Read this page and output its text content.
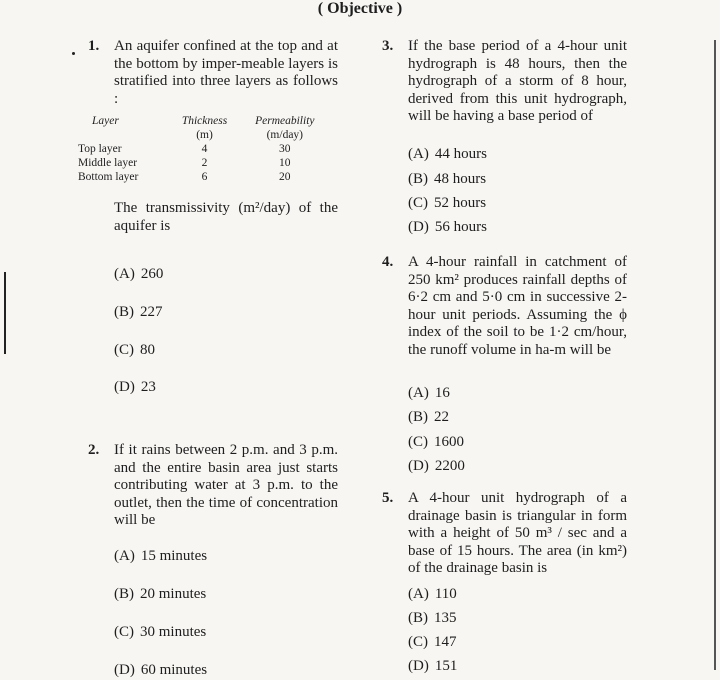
( Objective )
1. An aquifer confined at the top and at the bottom by imper-meable layers is stratified into three layers as follows :
Layer	Thickness	Permeability
	(m)	(m/day)
Top layer	4	30
Middle layer	2	10
Bottom layer	6	20
The transmissivity (m²/day) of the aquifer is
(A) 260
(B) 227
(C) 80
(D) 23
2. If it rains between 2 p.m. and 3 p.m. and the entire basin area just starts contributing water at 3 p.m. to the outlet, then the time of concentration will be
(A) 15 minutes
(B) 20 minutes
(C) 30 minutes
(D) 60 minutes
3. If the base period of a 4-hour unit hydrograph is 48 hours, then the hydrograph of a storm of 8 hour, derived from this unit hydrograph, will be having a base period of
(A) 44 hours
(B) 48 hours
(C) 52 hours
(D) 56 hours
4. A 4-hour rainfall in catchment of 250 km² produces rainfall depths of 6·2 cm and 5·0 cm in successive 2-hour unit periods. Assuming the ϕ index of the soil to be 1·2 cm/hour, the runoff volume in ha-m will be
(A) 16
(B) 22
(C) 1600
(D) 2200
5. A 4-hour unit hydrograph of a drainage basin is triangular in form with a height of 50 m³ / sec and a base of 15 hours. The area (in km²) of the drainage basin is
(A) 110
(B) 135
(C) 147
(D) 151
